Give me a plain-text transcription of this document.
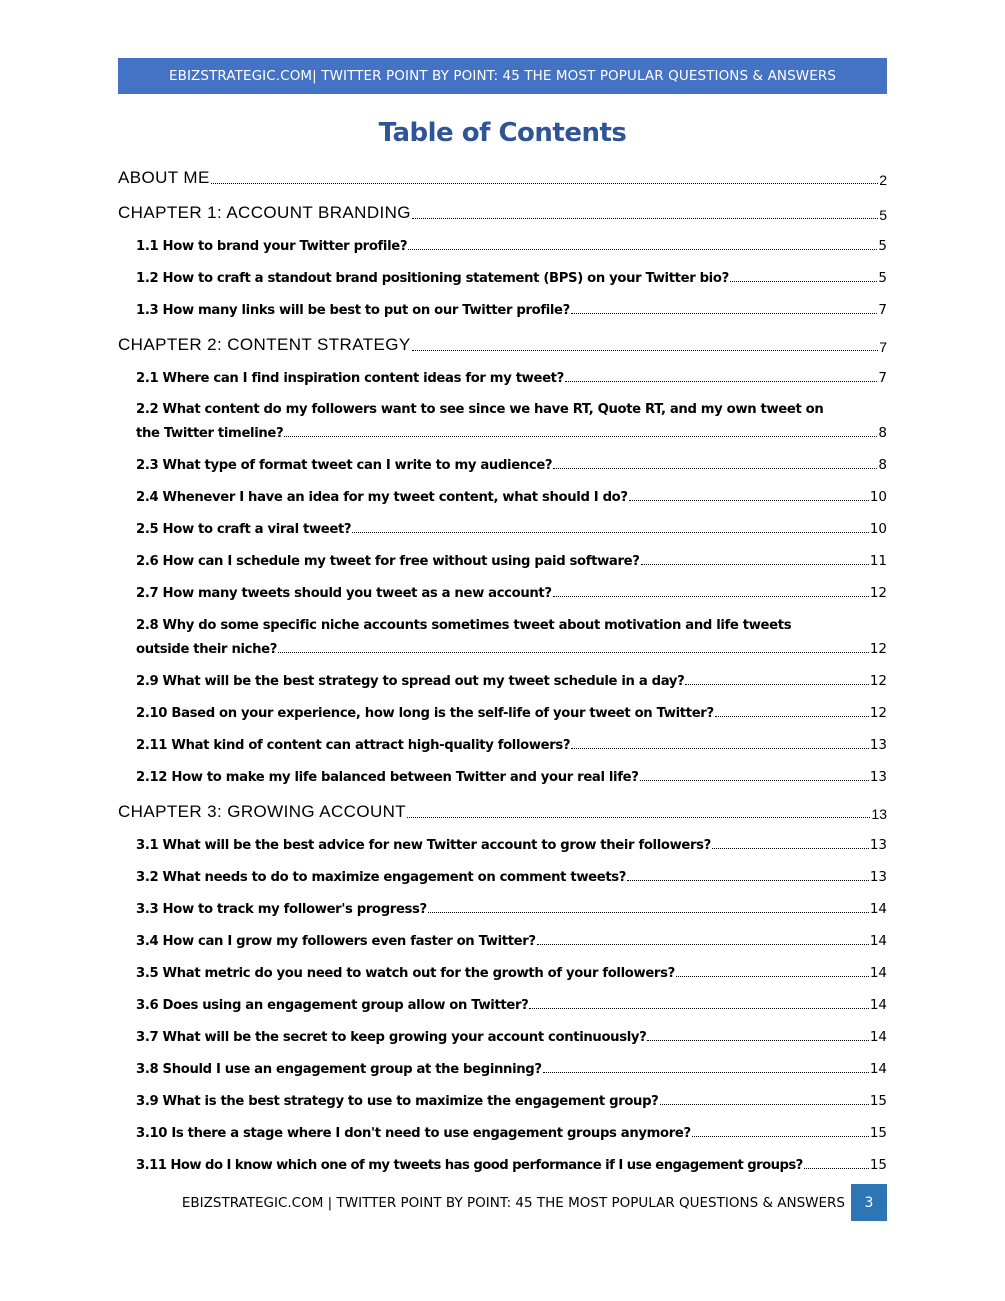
EBIZSTRATEGIC.COM| TWITTER POINT BY POINT: 45 THE MOST POPULAR QUESTIONS & ANSWERS
Table of Contents
ABOUT ME	2
CHAPTER 1: ACCOUNT BRANDING	5
1.1 How to brand your Twitter profile?	5
1.2 How to craft a standout brand positioning statement (BPS) on your Twitter bio?	5
1.3 How many links will be best to put on our Twitter profile?	7
CHAPTER 2: CONTENT STRATEGY	7
2.1 Where can I find inspiration content ideas for my tweet?	7
2.2 What content do my followers want to see since we have RT, Quote RT, and my own tweet on
the Twitter timeline?	8
2.3 What type of format tweet can I write to my audience?	8
2.4 Whenever I have an idea for my tweet content, what should I do?	10
2.5 How to craft a viral tweet?	10
2.6 How can I schedule my tweet for free without using paid software?	11
2.7 How many tweets should you tweet as a new account?	12
2.8 Why do some specific niche accounts sometimes tweet about motivation and life tweets
outside their niche?	12
2.9 What will be the best strategy to spread out my tweet schedule in a day?	12
2.10 Based on your experience, how long is the self-life of your tweet on Twitter?	12
2.11 What kind of content can attract high-quality followers?	13
2.12 How to make my life balanced between Twitter and your real life?	13
CHAPTER 3: GROWING ACCOUNT	13
3.1 What will be the best advice for new Twitter account to grow their followers?	13
3.2 What needs to do to maximize engagement on comment tweets?	13
3.3 How to track my follower's progress?	14
3.4 How can I grow my followers even faster on Twitter?	14
3.5 What metric do you need to watch out for the growth of your followers?	14
3.6 Does using an engagement group allow on Twitter?	14
3.7 What will be the secret to keep growing your account continuously?	14
3.8 Should I use an engagement group at the beginning?	14
3.9 What is the best strategy to use to maximize the engagement group?	15
3.10 Is there a stage where I don't need to use engagement groups anymore?	15
3.11 How do I know which one of my tweets has good performance if I use engagement groups?	15
EBIZSTRATEGIC.COM | TWITTER POINT BY POINT: 45 THE MOST POPULAR QUESTIONS & ANSWERS	3
